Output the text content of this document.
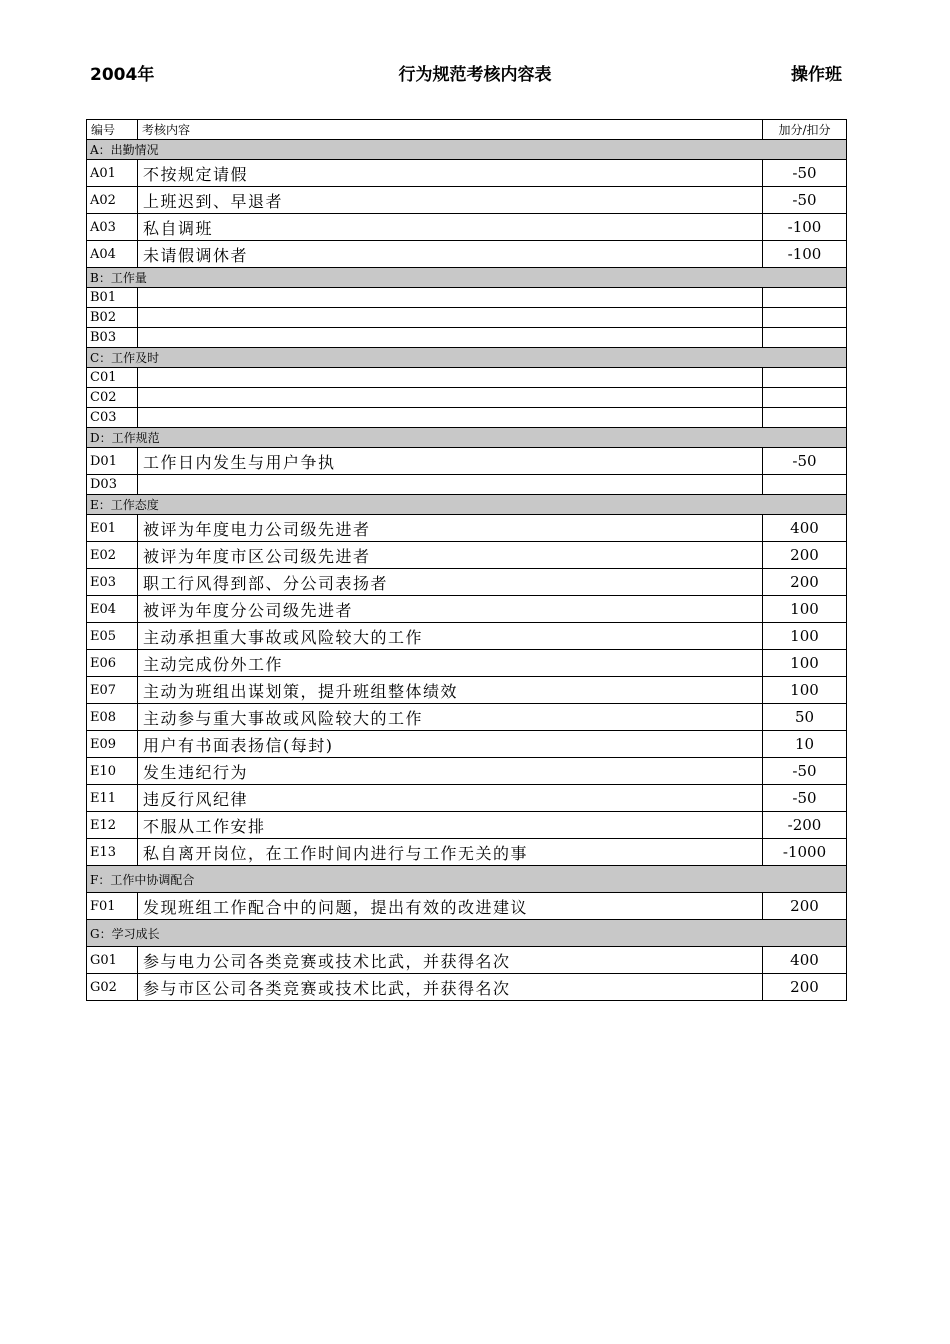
2004年	行为规范考核内容表	操作班
编号	考核内容	加分/扣分
A：出勤情况		
A01	不按规定请假	-50
A02	上班迟到、早退者	-50
A03	私自调班	-100
A04	未请假调休者	-100
B：工作量		
B01		
B02		
B03		
C：工作及时		
C01		
C02		
C03		
D：工作规范		
D01	工作日内发生与用户争执	-50
D03		
E：工作态度		
E01	被评为年度电力公司级先进者	400
E02	被评为年度市区公司级先进者	200
E03	职工行风得到部、分公司表扬者	200
E04	被评为年度分公司级先进者	100
E05	主动承担重大事故或风险较大的工作	100
E06	主动完成份外工作	100
E07	主动为班组出谋划策，提升班组整体绩效	100
E08	主动参与重大事故或风险较大的工作	50
E09	用户有书面表扬信(每封)	10
E10	发生违纪行为	-50
E11	违反行风纪律	-50
E12	不服从工作安排	-200
E13	私自离开岗位，在工作时间内进行与工作无关的事	-1000
F：工作中协调配合		
F01	发现班组工作配合中的问题，提出有效的改进建议	200
G：学习成长		
G01	参与电力公司各类竞赛或技术比武，并获得名次	400
G02	参与市区公司各类竞赛或技术比武，并获得名次	200
